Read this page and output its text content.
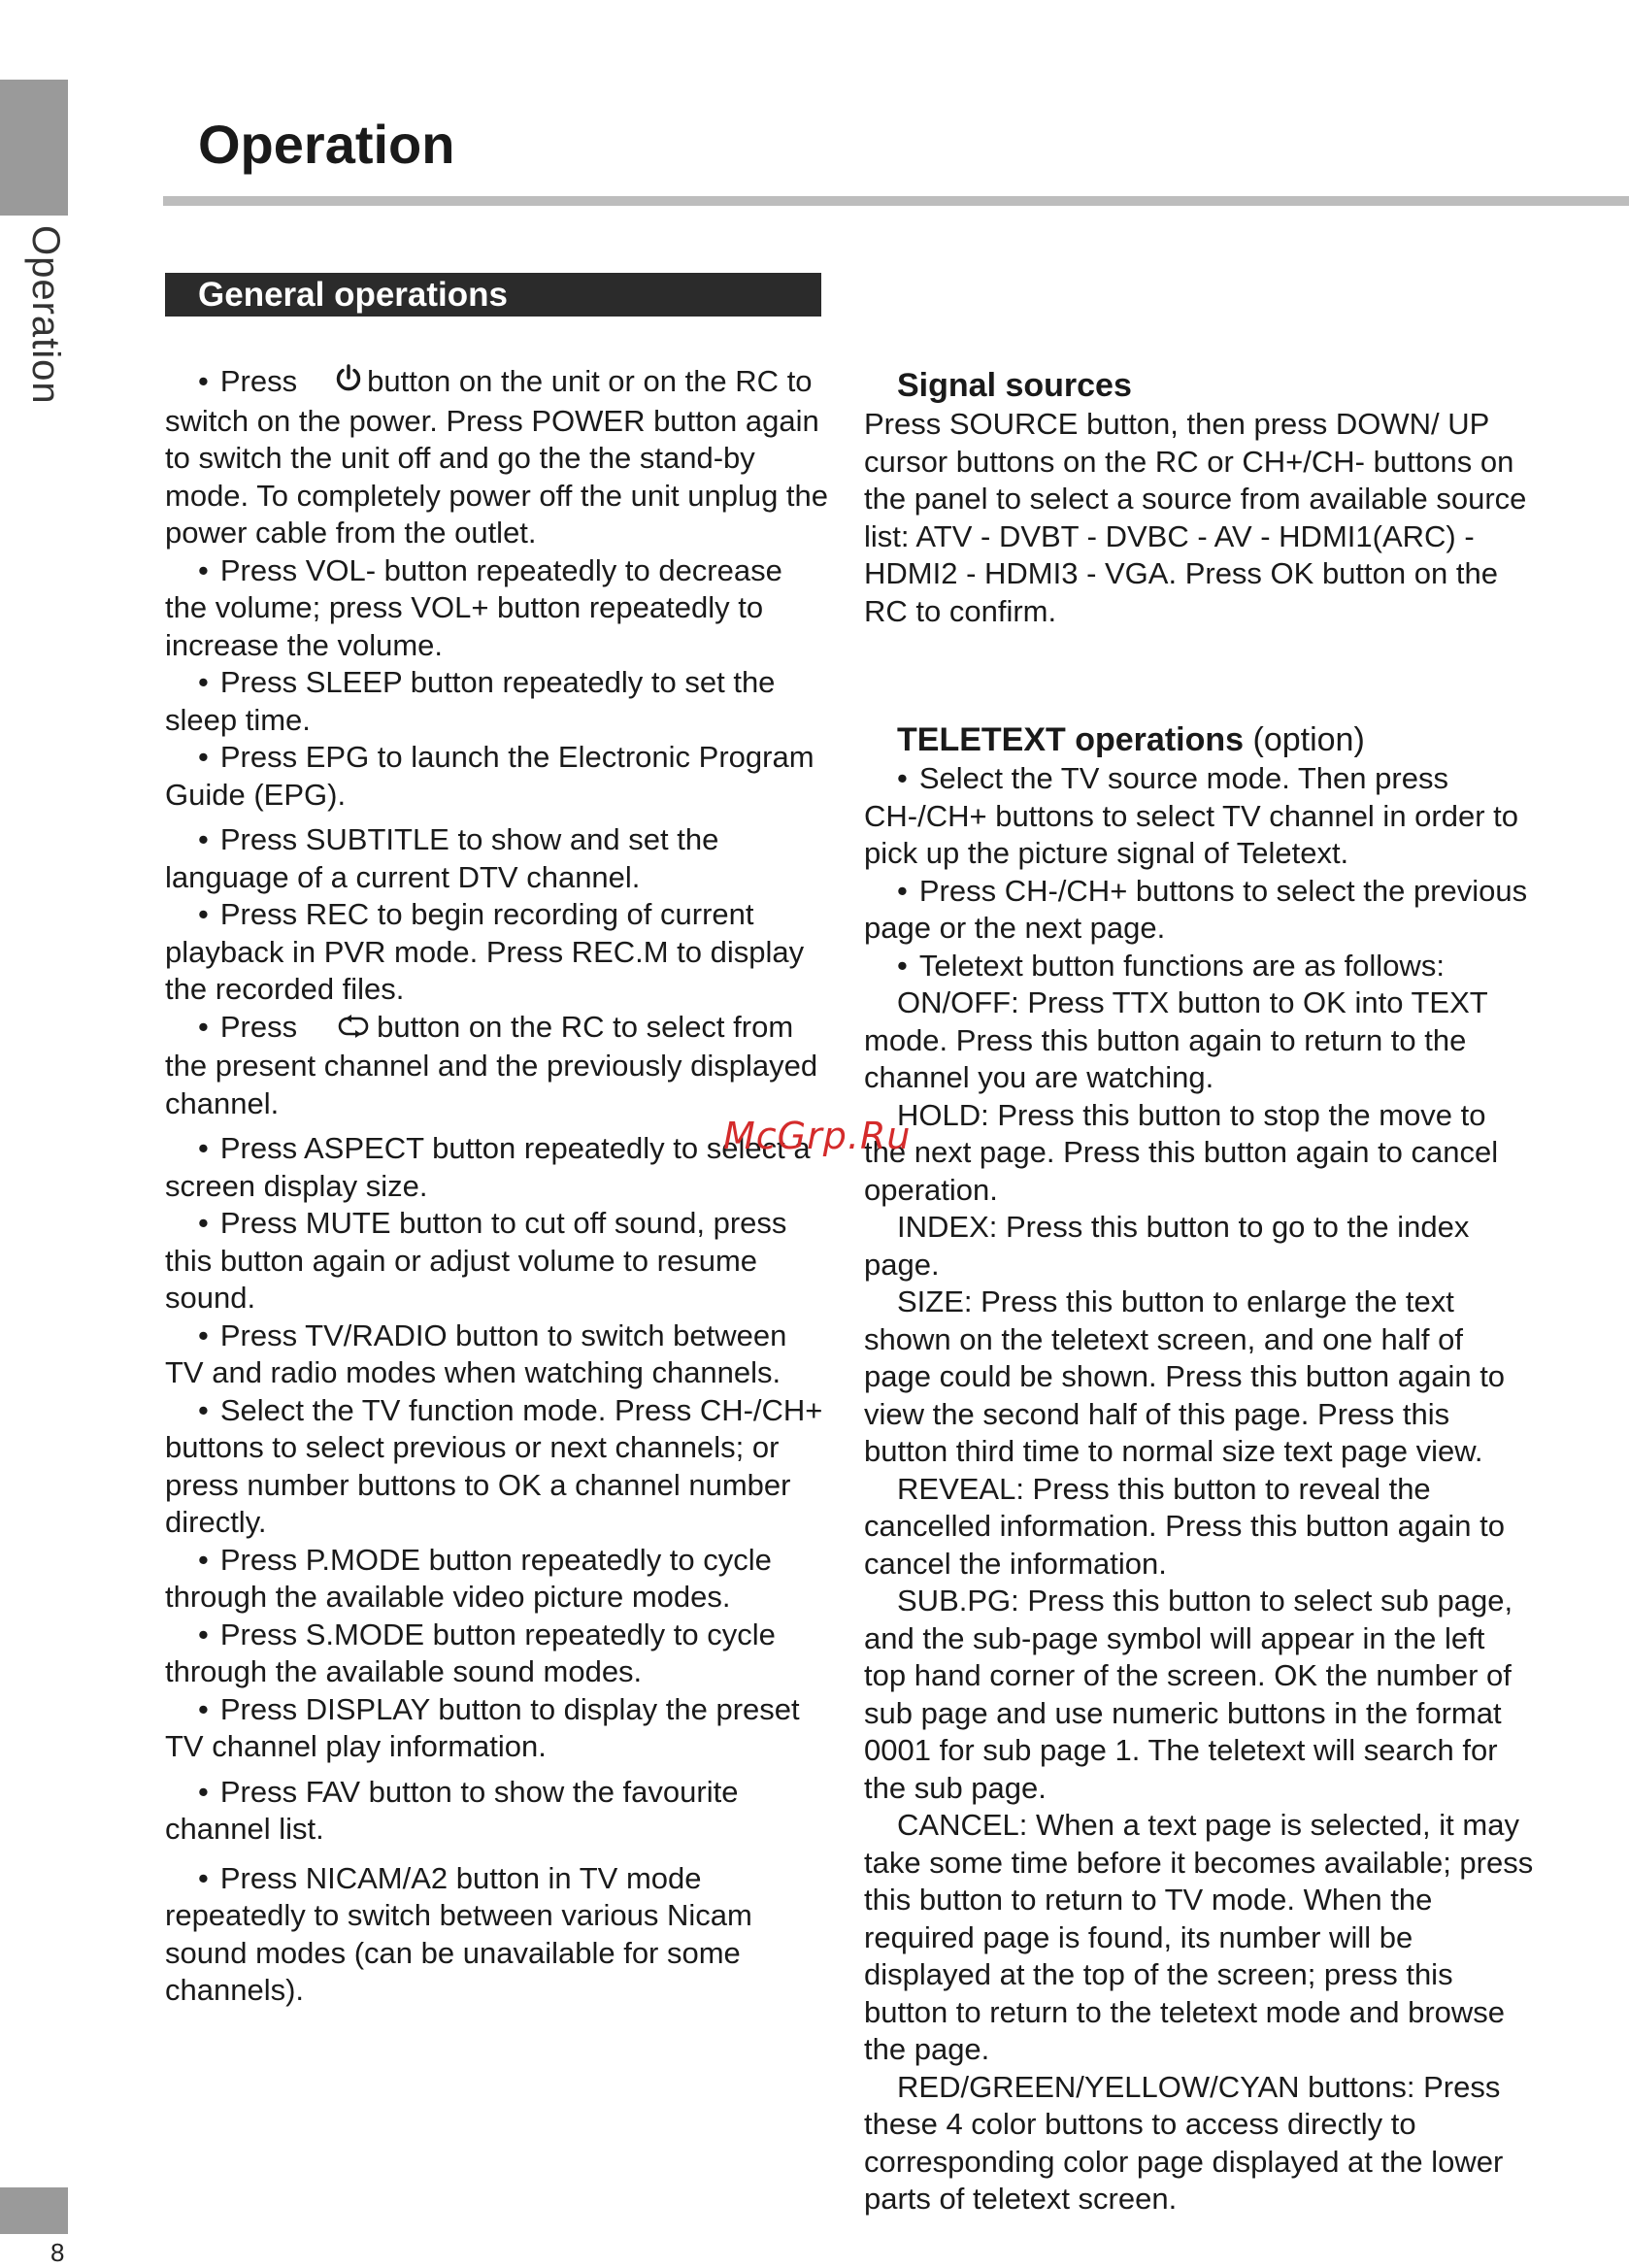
Operation
8
Operation
General operations

• Press button on the unit or on the RC to switch on the power. Press POWER button again to switch the unit off and go the the stand-by mode. To completely power off the unit unplug the power cable from the outlet.

• Press VOL- button repeatedly to decrease the volume; press VOL+ button repeatedly to increase the volume.

• Press SLEEP button repeatedly to set the sleep time.

• Press EPG to launch the Electronic Program Guide (EPG).

• Press SUBTITLE to show and set the language of a current DTV channel.

• Press REC to begin recording of current playback in PVR mode. Press REC.M to display the recorded files.

• Press	button on the RC to select from the present channel and the previously displayed channel.

• Press ASPECT button repeatedly to select a screen display size.

• Press MUTE button to cut off sound, press this button again or adjust volume to resume sound.

• Press TV/RADIO button to switch between TV and radio modes when watching channels.

• Select the TV function mode. Press CH-/CH+ buttons to select previous or next channels; or press number buttons to OK a channel number directly.

• Press P.MODE button repeatedly to cycle through the available video picture modes.

• Press S.MODE button repeatedly to cycle through the available sound modes.

• Press DISPLAY button to display the preset TV channel play information.

• Press FAV button to show the favourite channel list.

• Press NICAM/A2 button in TV mode repeatedly to switch between various Nicam sound modes (can be unavailable for some channels).

Signal sources

Press SOURCE button, then press DOWN/ UP cursor buttons on the RC or CH+/CH- buttons on the panel to select a source from available source list: ATV - DVBT - DVBC - AV - HDMI1(ARC) - HDMI2 - HDMI3 - VGA. Press OK button on the RC to confirm.

TELETEXT operations (option)

• Select the TV source mode. Then press CH-/CH+ buttons to select TV channel in order to pick up the picture signal of Teletext.

• Press CH-/CH+ buttons to select the previous page or the next page.

• Teletext button functions are as follows:

ON/OFF: Press TTX button to OK into TEXT mode. Press this button again to return to the channel you are watching.

HOLD: Press this button to stop the move to the next page. Press this button again to cancel operation.

INDEX: Press this button to go to the index page.

SIZE: Press this button to enlarge the text shown on the teletext screen, and one half of page could be shown. Press this button again to view the second half of this page. Press this button third time to normal size text page view.

REVEAL: Press this button to reveal the cancelled information. Press this button again to cancel the information.

SUB.PG: Press this button to select sub page, and the sub-page symbol will appear in the left top hand corner of the screen. OK the number of sub page and use numeric buttons in the format 0001 for sub page 1. The teletext will search for the sub page.

CANCEL: When a text page is selected, it may take some time before it becomes available; press this button to return to TV mode. When the required page is found, its number will be displayed at the top of the screen; press this button to return to the teletext mode and browse the page.

RED/GREEN/YELLOW/CYAN buttons: Press these 4 color buttons to access directly to corresponding color page displayed at the lower parts of teletext screen.

McGrp.Ru
